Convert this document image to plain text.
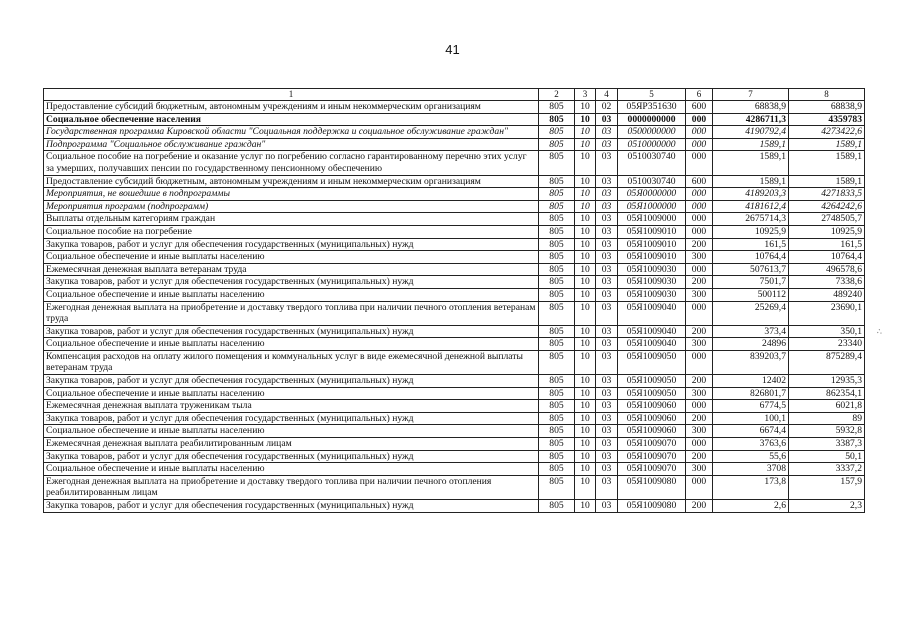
41
1	2	3	4	5	6	7	8
Предоставление субсидий бюджетным, автономным учреждениям и иным некоммерческим организациям	805	10	02	05ЯР351630	600	68838,9	68838,9
Социальное обеспечение населения	805	10	03	0000000000	000	4286711,3	4359783
Государственная программа Кировской области "Социальная поддержка и социальное обслуживание граждан"	805	10	03	0500000000	000	4190792,4	4273422,6
Подпрограмма "Социальное обслуживание граждан"	805	10	03	0510000000	000	1589,1	1589,1
Социальное пособие на погребение и оказание услуг по погребению согласно гарантированному перечню этих услуг за умерших, получавших пенсии по государственному пенсионному обеспечению	805	10	03	0510030740	000	1589,1	1589,1
Предоставление субсидий бюджетным, автономным учреждениям и иным некоммерческим организациям	805	10	03	0510030740	600	1589,1	1589,1
Мероприятия, не вошедшие в подпрограммы	805	10	03	05Я0000000	000	4189203,3	4271833,5
Мероприятия программ (подпрограмм)	805	10	03	05Я1000000	000	4181612,4	4264242,6
Выплаты отдельным категориям граждан	805	10	03	05Я1009000	000	2675714,3	2748505,7
Социальное пособие на погребение	805	10	03	05Я1009010	000	10925,9	10925,9
Закупка товаров, работ и услуг для обеспечения государственных (муниципальных) нужд	805	10	03	05Я1009010	200	161,5	161,5
Социальное обеспечение и иные выплаты населению	805	10	03	05Я1009010	300	10764,4	10764,4
Ежемесячная денежная выплата ветеранам труда	805	10	03	05Я1009030	000	507613,7	496578,6
Закупка товаров, работ и услуг для обеспечения государственных (муниципальных) нужд	805	10	03	05Я1009030	200	7501,7	7338,6
Социальное обеспечение и иные выплаты населению	805	10	03	05Я1009030	300	500112	489240
Ежегодная денежная выплата на приобретение и доставку твердого топлива при наличии печного отопления ветеранам труда	805	10	03	05Я1009040	000	25269,4	23690,1
Закупка товаров, работ и услуг для обеспечения государственных (муниципальных) нужд	805	10	03	05Я1009040	200	373,4	350,1
Социальное обеспечение и иные выплаты населению	805	10	03	05Я1009040	300	24896	23340
Компенсация расходов на оплату жилого помещения и коммунальных услуг в виде ежемесячной денежной выплаты ветеранам труда	805	10	03	05Я1009050	000	839203,7	875289,4
Закупка товаров, работ и услуг для обеспечения государственных (муниципальных) нужд	805	10	03	05Я1009050	200	12402	12935,3
Социальное обеспечение и иные выплаты населению	805	10	03	05Я1009050	300	826801,7	862354,1
Ежемесячная денежная выплата труженикам тыла	805	10	03	05Я1009060	000	6774,5	6021,8
Закупка товаров, работ и услуг для обеспечения государственных (муниципальных) нужд	805	10	03	05Я1009060	200	100,1	89
Социальное обеспечение и иные выплаты населению	805	10	03	05Я1009060	300	6674,4	5932,8
Ежемесячная денежная выплата реабилитированным лицам	805	10	03	05Я1009070	000	3763,6	3387,3
Закупка товаров, работ и услуг для обеспечения государственных (муниципальных) нужд	805	10	03	05Я1009070	200	55,6	50,1
Социальное обеспечение и иные выплаты населению	805	10	03	05Я1009070	300	3708	3337,2
Ежегодная денежная выплата на приобретение и доставку твердого топлива при наличии печного отопления реабилитированным лицам	805	10	03	05Я1009080	000	173,8	157,9
Закупка товаров, работ и услуг для обеспечения государственных (муниципальных) нужд	805	10	03	05Я1009080	200	2,6	2,3
⁖
